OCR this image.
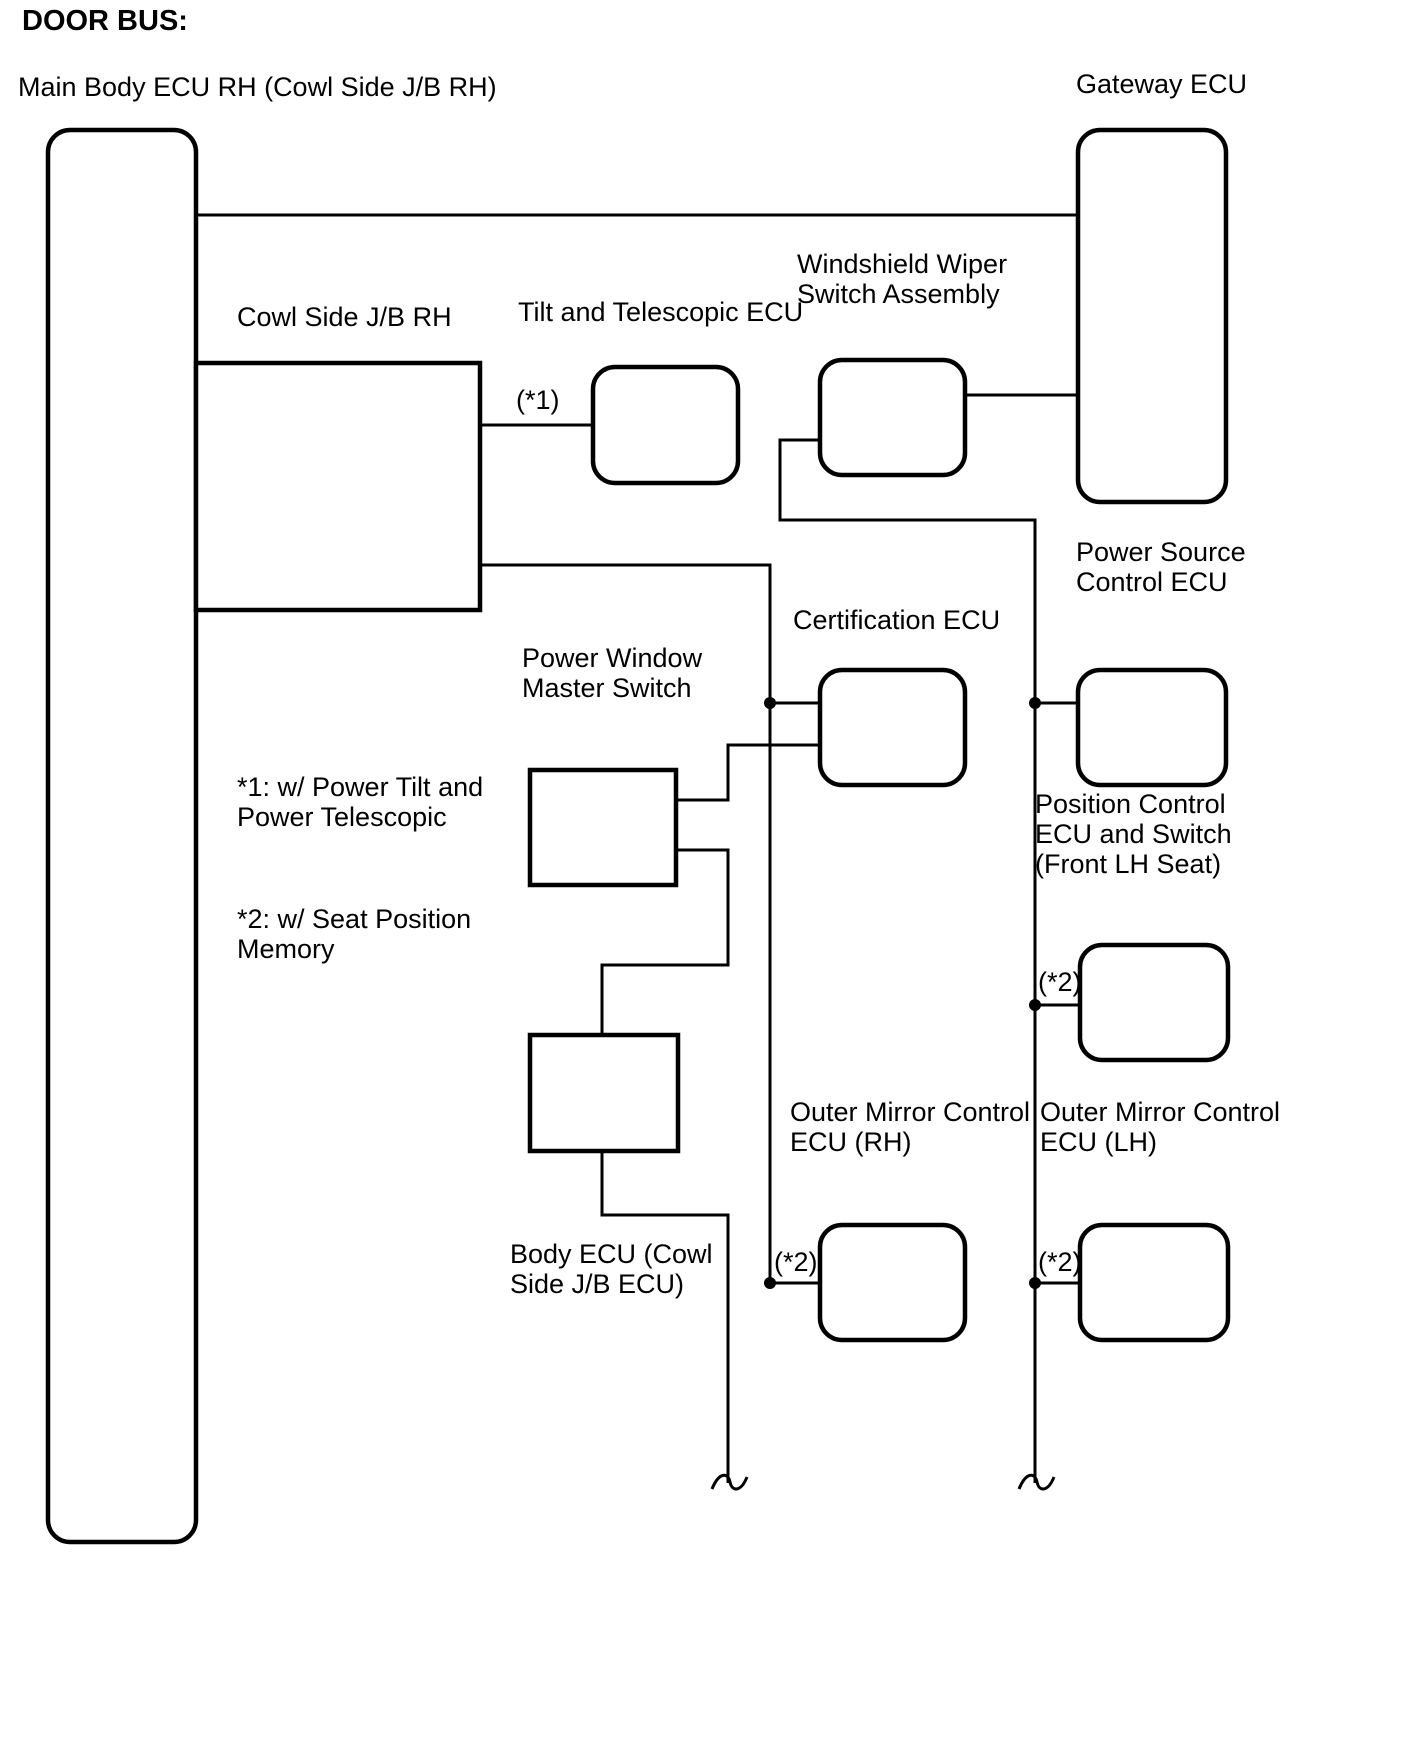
DOOR BUS:
Main Body ECU RH (Cowl Side J/B RH)	Gateway ECU
Cowl Side J/B RH Tilt and Telescopic ECU
Windshield Wiper
Switch Assembly
(*1)
Power Source
Control ECU
Certification ECU
Power Window
Master Switch
*1: w/ Power Tilt and
Power Telescopic
*2: w/ Seat Position
Memory
Position Control
ECU and Switch
(Front LH Seat)
(*2)
Outer Mirror Control
ECU (RH)
Outer Mirror Control
ECU (LH)
Body ECU (Cowl
Side J/B ECU)
(*2)	(*2)
